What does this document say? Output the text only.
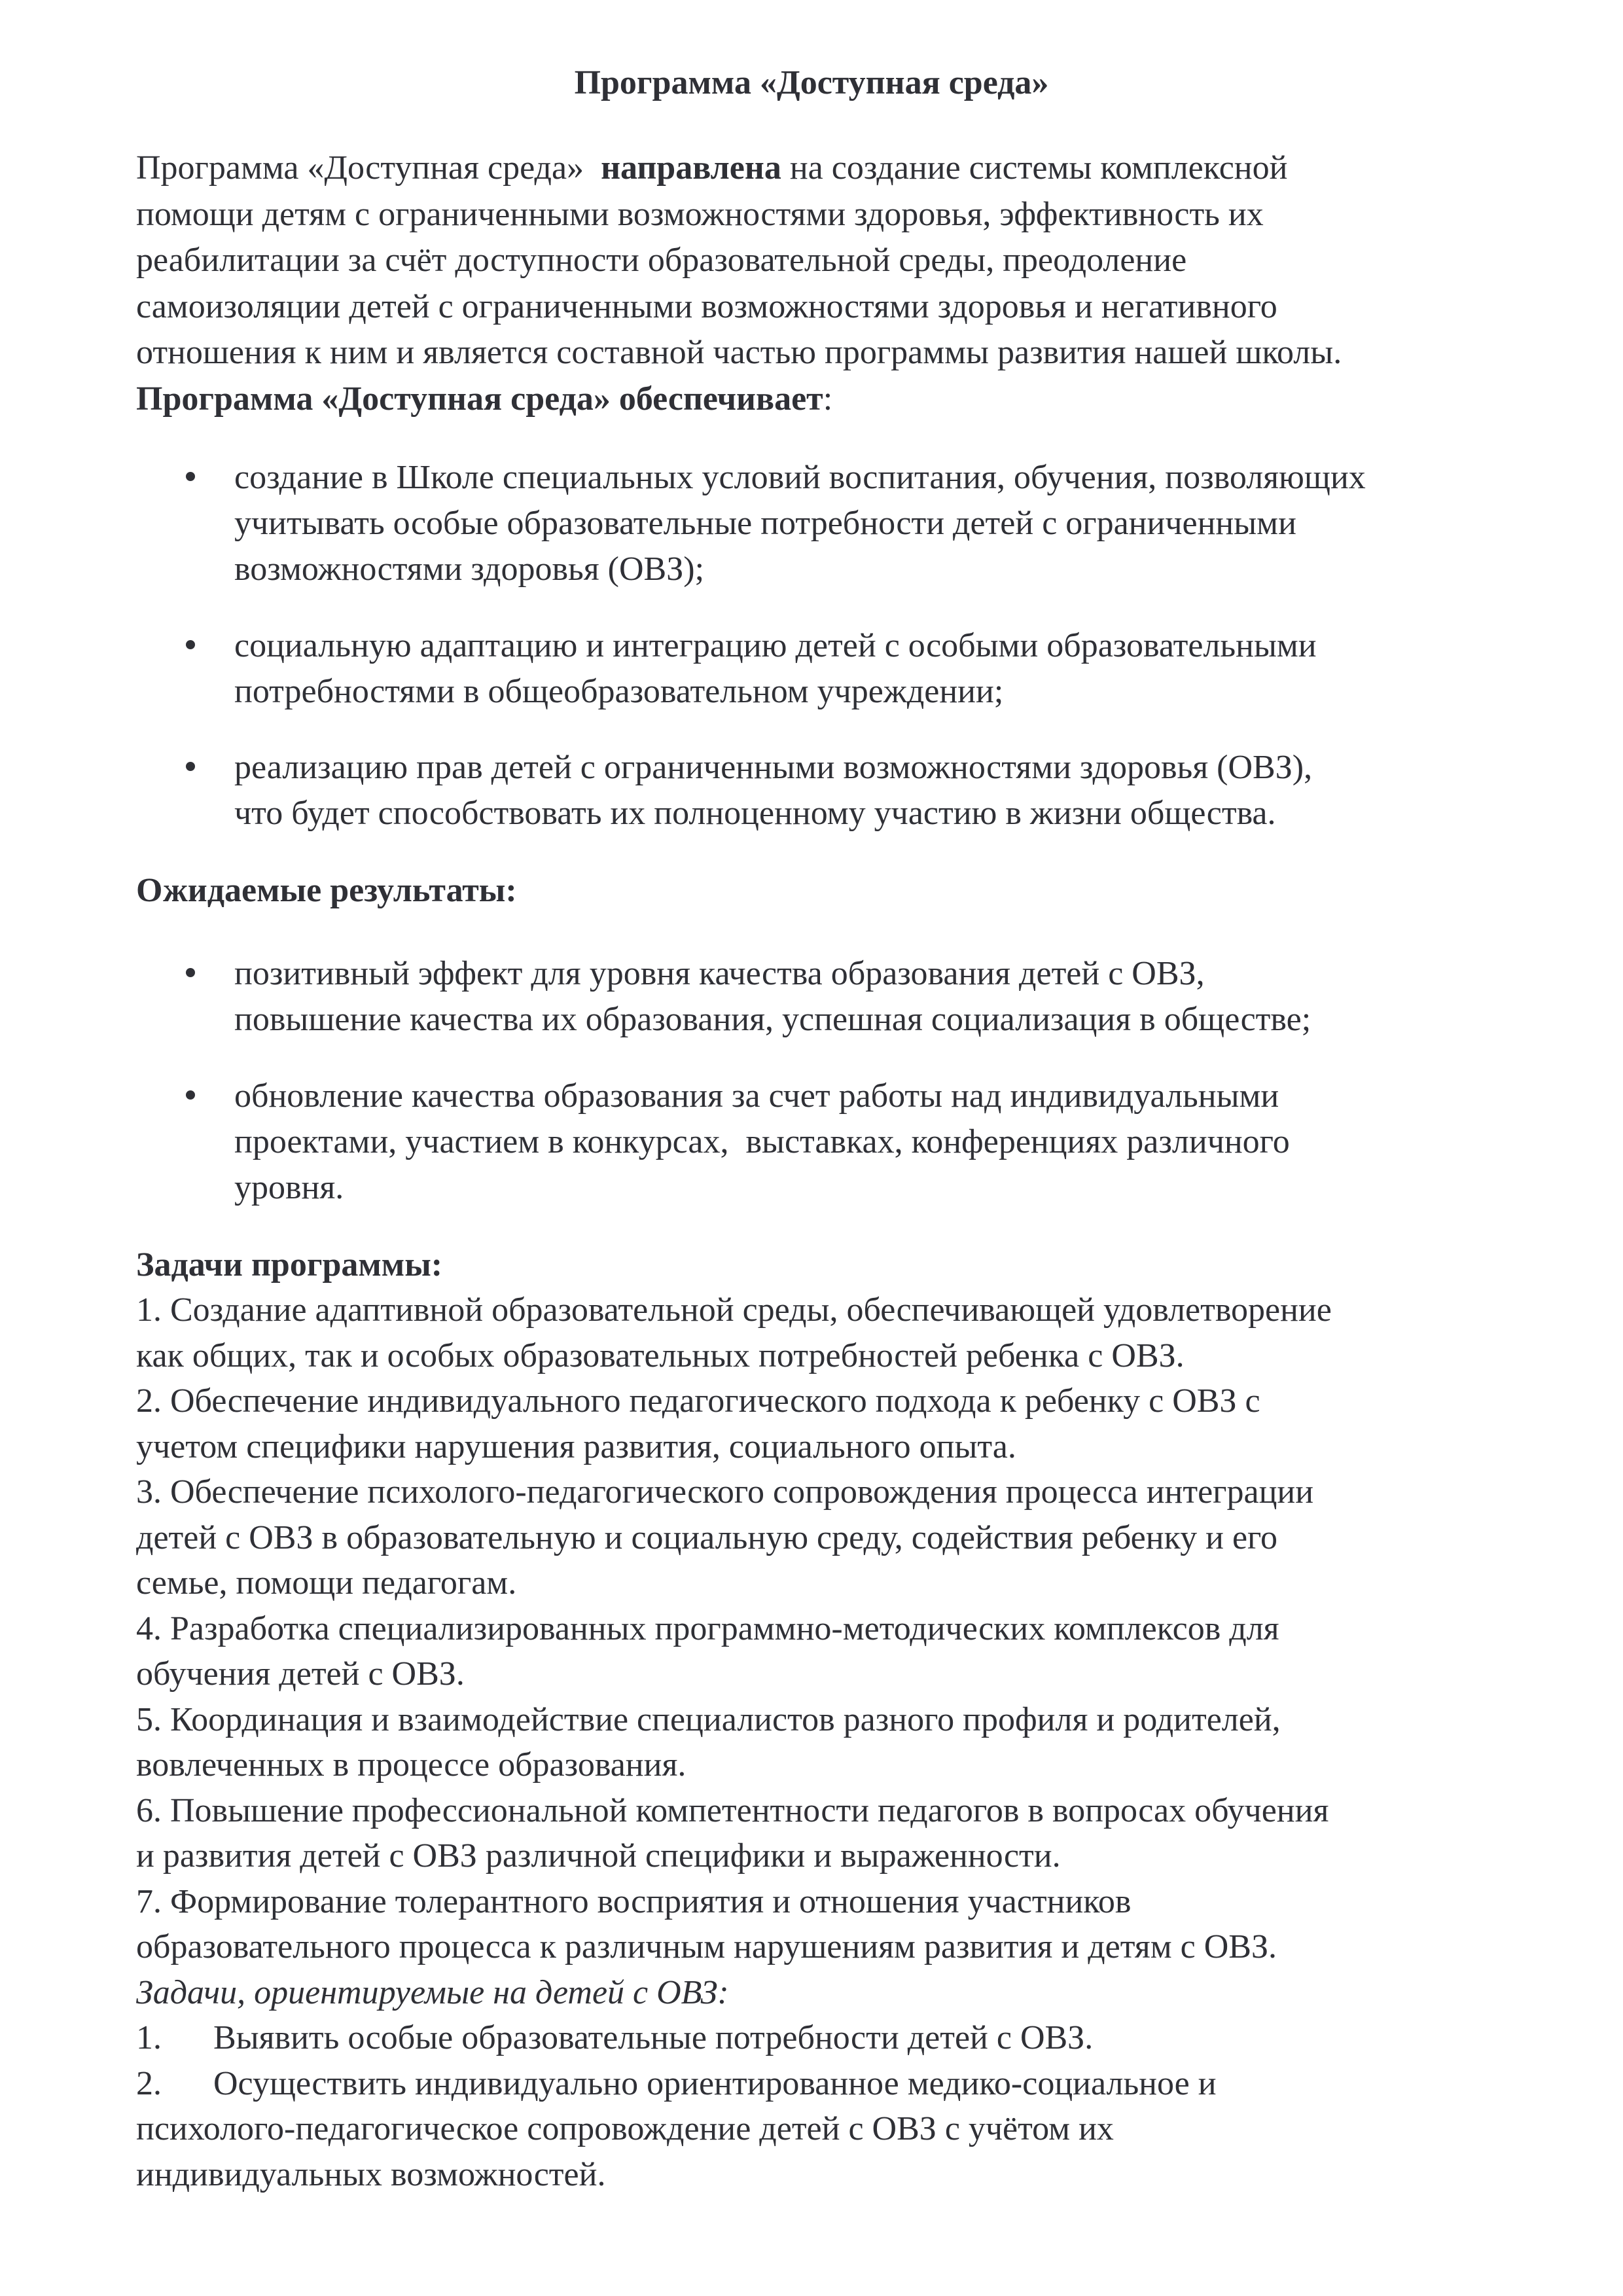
Программа «Доступная среда»
Программа «Доступная среда»  направлена на создание системы комплексной
помощи детям с ограниченными возможностями здоровья, эффективность их
реабилитации за счёт доступности образовательной среды, преодоление
самоизоляции детей с ограниченными возможностями здоровья и негативного
отношения к ним и является составной частью программы развития нашей школы.
Программа «Доступная среда» обеспечивает:
создание в Школе специальных условий воспитания, обучения, позволяющих
учитывать особые образовательные потребности детей с ограниченными
возможностями здоровья (ОВЗ);
социальную адаптацию и интеграцию детей с особыми образовательными
потребностями в общеобразовательном учреждении;
реализацию прав детей с ограниченными возможностями здоровья (ОВЗ),
что будет способствовать их полноценному участию в жизни общества.
Ожидаемые результаты:
позитивный эффект для уровня качества образования детей с ОВЗ,
повышение качества их образования, успешная социализация в обществе;
обновление качества образования за счет работы над индивидуальными
проектами, участием в конкурсах,  выставках, конференциях различного
уровня.
Задачи программы:
1. Создание адаптивной образовательной среды, обеспечивающей удовлетворение
как общих, так и особых образовательных потребностей ребенка с ОВЗ.
2. Обеспечение индивидуального педагогического подхода к ребенку с ОВЗ с
учетом специфики нарушения развития, социального опыта.
3. Обеспечение психолого-педагогического сопровождения процесса интеграции
детей с ОВЗ в образовательную и социальную среду, содействия ребенку и его
семье, помощи педагогам.
4. Разработка специализированных программно-методических комплексов для
обучения детей с ОВЗ.
5. Координация и взаимодействие специалистов разного профиля и родителей,
вовлеченных в процессе образования.
6. Повышение профессиональной компетентности педагогов в вопросах обучения
и развития детей с ОВЗ различной специфики и выраженности.
7. Формирование толерантного восприятия и отношения участников
образовательного процесса к различным нарушениям развития и детям с ОВЗ.
Задачи, ориентируемые на детей с ОВЗ:
1. Выявить особые образовательные потребности детей с ОВЗ.
2. Осуществить индивидуально ориентированное медико-социальное и
психолого-педагогическое сопровождение детей с ОВЗ с учётом их
индивидуальных возможностей.
